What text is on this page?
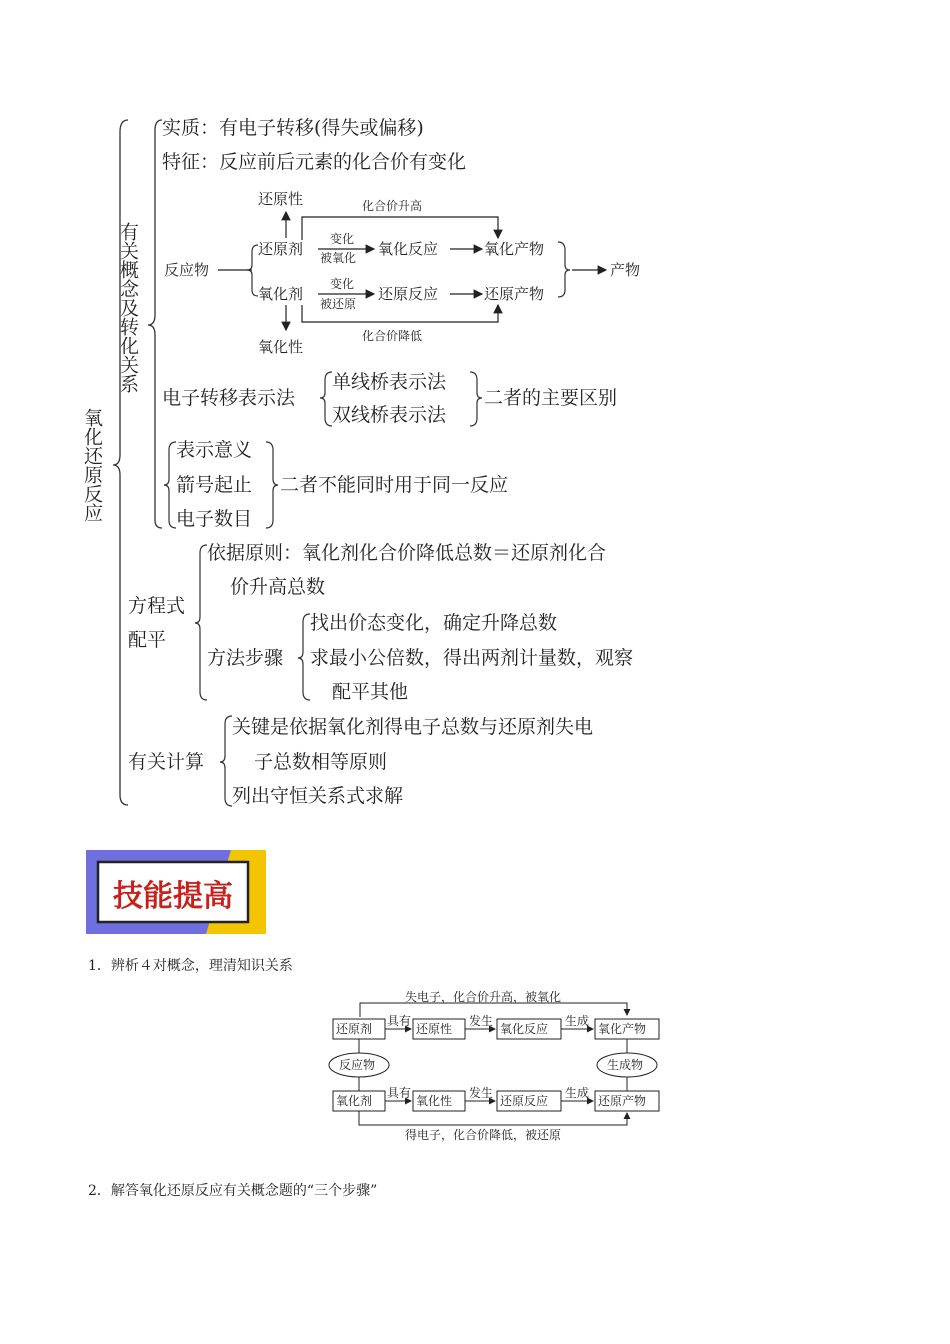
氧化还原反应
有关概念及转化关系
实质：有电子转移(得失或偏移)
特征：反应前后元素的化合价有变化
反应物
还原性
还原剂
氧化剂
氧化性
化合价升高
变化
被氧化 氧化反应	氧化产物
变化
被还原
还原反应	还原产物
化合价降低
产物
电子转移表示法
单线桥表示法
双线桥表示法
二者的主要区别
表示意义
箭号起止
电子数目
二者不能同时用于同一反应
方程式
配平
依据原则：氧化剂化合价降低总数＝还原剂化合
价升高总数
方法步骤
找出价态变化，确定升降总数
求最小公倍数，得出两剂计量数，观察
配平其他
有关计算
关键是依据氧化剂得电子总数与还原剂失电
子总数相等原则
列出守恒关系式求解
技能提高
1．辨析４对概念，理清知识关系
失电子，化合价升高，被氧化
还原剂
具有
还原性
发生
氧化反应
生成
氧化产物
反应物	生成物
氧化剂
具有
氧化性
发生
还原反应
生成
还原产物
得电子，化合价降低，被还原
2．解答氧化还原反应有关概念题的“三个步骤”
